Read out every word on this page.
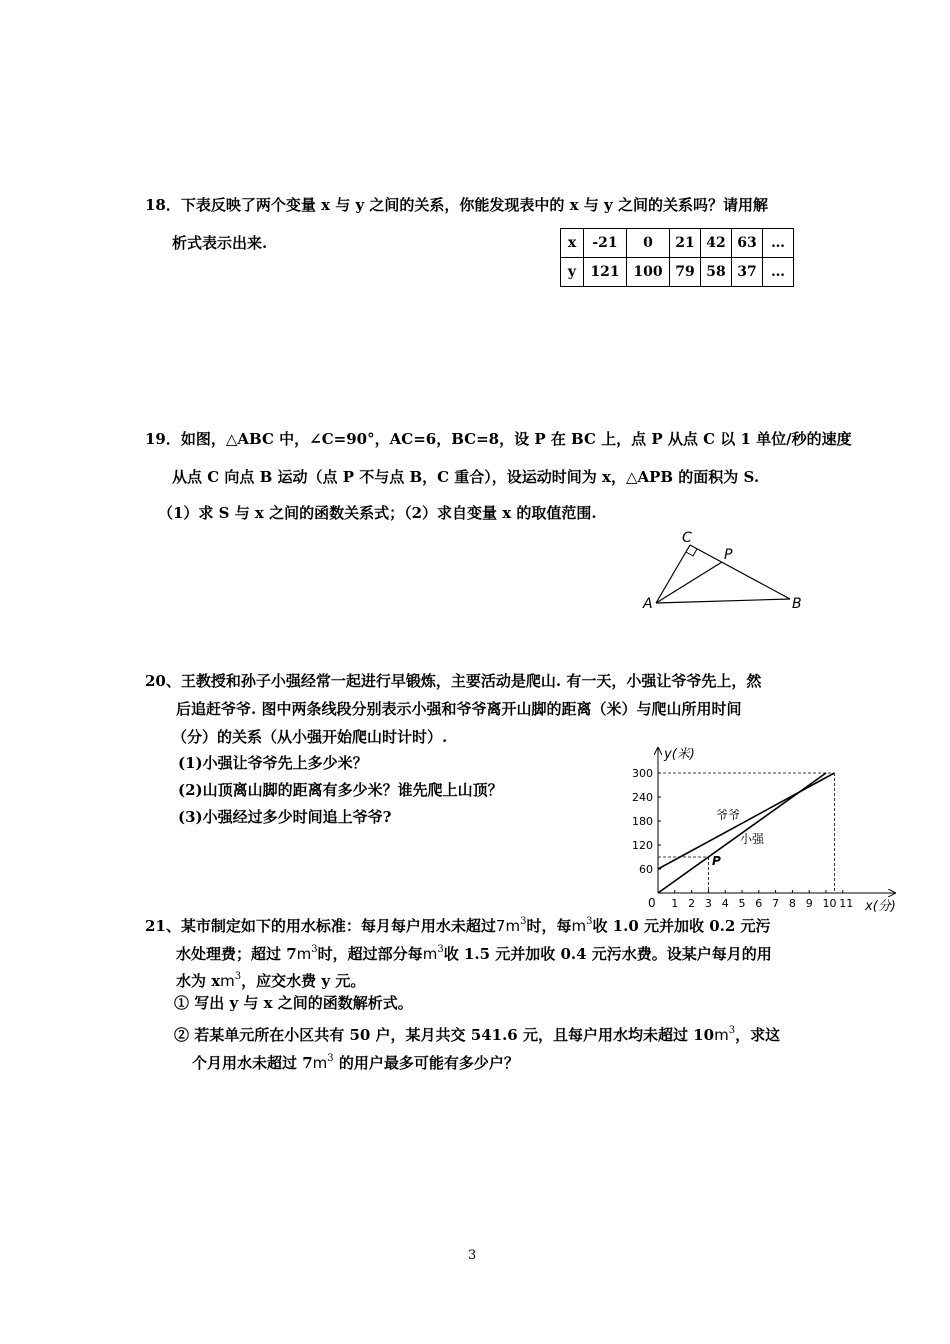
18．下表反映了两个变量 x 与 y 之间的关系，你能发现表中的 x 与 y 之间的关系吗？请用解
析式表示出来.	x	-21	0	21	42	63	…
y	121	100	79	58	37	…
19．如图，△ABC 中，∠C=90°，AC=6，BC=8，设 P 在 BC 上，点 P 从点 C 以 1 单位/秒的速度
从点 C 向点 B 运动（点 P 不与点 B，C 重合），设运动时间为 x，△APB 的面积为 S.
（1）求 S 与 x 之间的函数关系式；（2）求自变量 x 的取值范围.
C
P
A	B
20、王教授和孙子小强经常一起进行早锻炼，主要活动是爬山. 有一天，小强让爷爷先上，然
后追赶爷爷. 图中两条线段分别表示小强和爷爷离开山脚的距离（米）与爬山所用时间
（分）的关系（从小强开始爬山时计时）.
(1)小强让爷爷先上多少米？
(2)山顶离山脚的距离有多少米？谁先爬上山顶？
(3)小强经过多少时间追上爷爷?
1 2 3 4 5 6 7 8 9 10 11
60
120
180
240
300
y(米)
x(分)
0
P
爷爷
小强
21、某市制定如下的用水标准：每月每户用水未超过$7m^3$时，每$m^3$收 1.0 元并加收 0.2 元污
水处理费；超过 $7m^3$时，超过部分每$m^3$收 1.5 元并加收 0.4 元污水费。设某户每月的用
水为 $xm^3$，应交水费 y 元。
① 写出 y 与 x 之间的函数解析式。
② 若某单元所在小区共有 50 户，某月共交 541.6 元，且每户用水均未超过 $10m^3$，求这
个月用水未超过 $7m^3$ 的用户最多可能有多少户？
3
